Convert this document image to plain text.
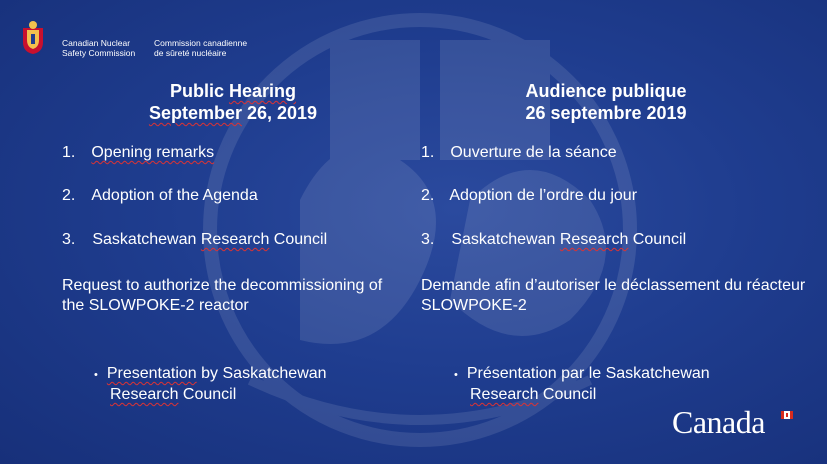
Canadian Nuclear
Safety Commission
Commission canadienne
de sûreté nucléaire
Public Hearing
September 26, 2019
Audience publique
26 septembre 2019
1. Opening remarks
2. Adoption of the Agenda
3. Saskatchewan Research Council
Request to authorize the decommissioning of the SLOWPOKE-2 reactor
• Presentation by Saskatchewan
Research Council
1. Ouverture de la séance
2. Adoption de l’ordre du jour
3. Saskatchewan Research Council
Demande afin d’autoriser le déclassement du réacteur SLOWPOKE-2
• Présentation par le Saskatchewan
Research Council
Canada
